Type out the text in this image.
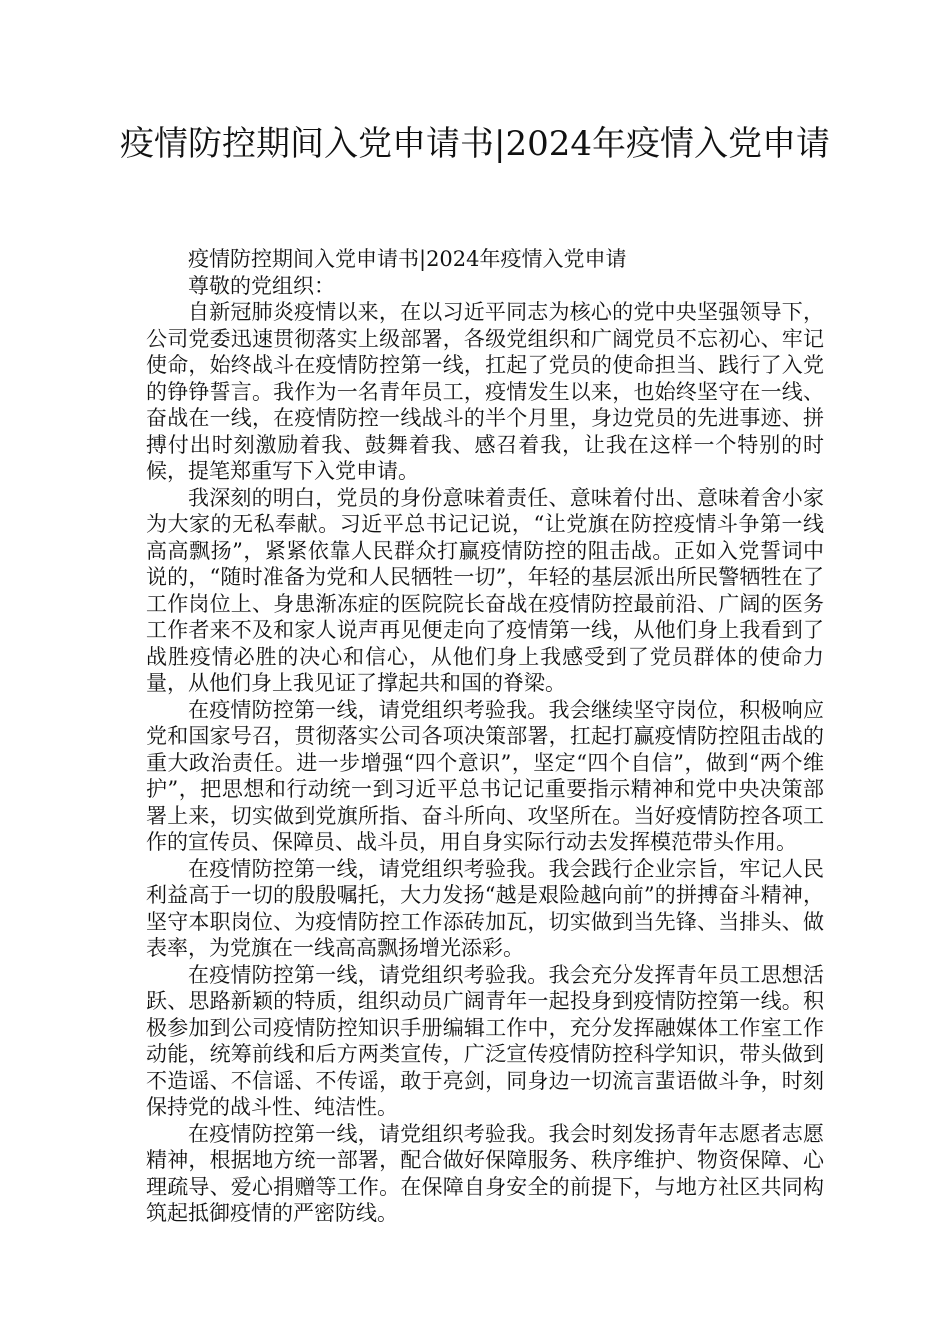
疫情防控期间入党申请书|2024年疫情入党申请

疫情防控期间入党申请书|2024年疫情入党申请

尊敬的党组织：

自新冠肺炎疫情以来，在以习近平同志为核心的党中央坚强领导下，公司党委迅速贯彻落实上级部署，各级党组织和广阔党员不忘初心、牢记使命，始终战斗在疫情防控第一线，扛起了党员的使命担当、践行了入党的铮铮誓言。我作为一名青年员工，疫情发生以来，也始终坚守在一线、奋战在一线，在疫情防控一线战斗的半个月里，身边党员的先进事迹、拼搏付出时刻激励着我、鼓舞着我、感召着我，让我在这样一个特别的时候，提笔郑重写下入党申请。

我深刻的明白，党员的身份意味着责任、意味着付出、意味着舍小家为大家的无私奉献。习近平总书记记说，“让党旗在防控疫情斗争第一线高高飘扬”，紧紧依靠人民群众打赢疫情防控的阻击战。正如入党誓词中说的，“随时准备为党和人民牺牲一切”，年轻的基层派出所民警牺牲在了工作岗位上、身患渐冻症的医院院长奋战在疫情防控最前沿、广阔的医务工作者来不及和家人说声再见便走向了疫情第一线，从他们身上我看到了战胜疫情必胜的决心和信心，从他们身上我感受到了党员群体的使命力量，从他们身上我见证了撑起共和国的脊梁。

在疫情防控第一线，请党组织考验我。我会继续坚守岗位，积极响应党和国家号召，贯彻落实公司各项决策部署，扛起打赢疫情防控阻击战的重大政治责任。进一步增强“四个意识”，坚定“四个自信”，做到“两个维护”，把思想和行动统一到习近平总书记记重要指示精神和党中央决策部署上来，切实做到党旗所指、奋斗所向、攻坚所在。当好疫情防控各项工作的宣传员、保障员、战斗员，用自身实际行动去发挥模范带头作用。

在疫情防控第一线，请党组织考验我。我会践行企业宗旨，牢记人民利益高于一切的殷殷嘱托，大力发扬“越是艰险越向前”的拼搏奋斗精神，坚守本职岗位、为疫情防控工作添砖加瓦，切实做到当先锋、当排头、做表率，为党旗在一线高高飘扬增光添彩。

在疫情防控第一线，请党组织考验我。我会充分发挥青年员工思想活跃、思路新颖的特质，组织动员广阔青年一起投身到疫情防控第一线。积极参加到公司疫情防控知识手册编辑工作中，充分发挥融媒体工作室工作动能，统筹前线和后方两类宣传，广泛宣传疫情防控科学知识，带头做到不造谣、不信谣、不传谣，敢于亮剑，同身边一切流言蜚语做斗争，时刻保持党的战斗性、纯洁性。

在疫情防控第一线，请党组织考验我。我会时刻发扬青年志愿者志愿精神，根据地方统一部署，配合做好保障服务、秩序维护、物资保障、心理疏导、爱心捐赠等工作。在保障自身安全的前提下，与地方社区共同构筑起抵御疫情的严密防线。
